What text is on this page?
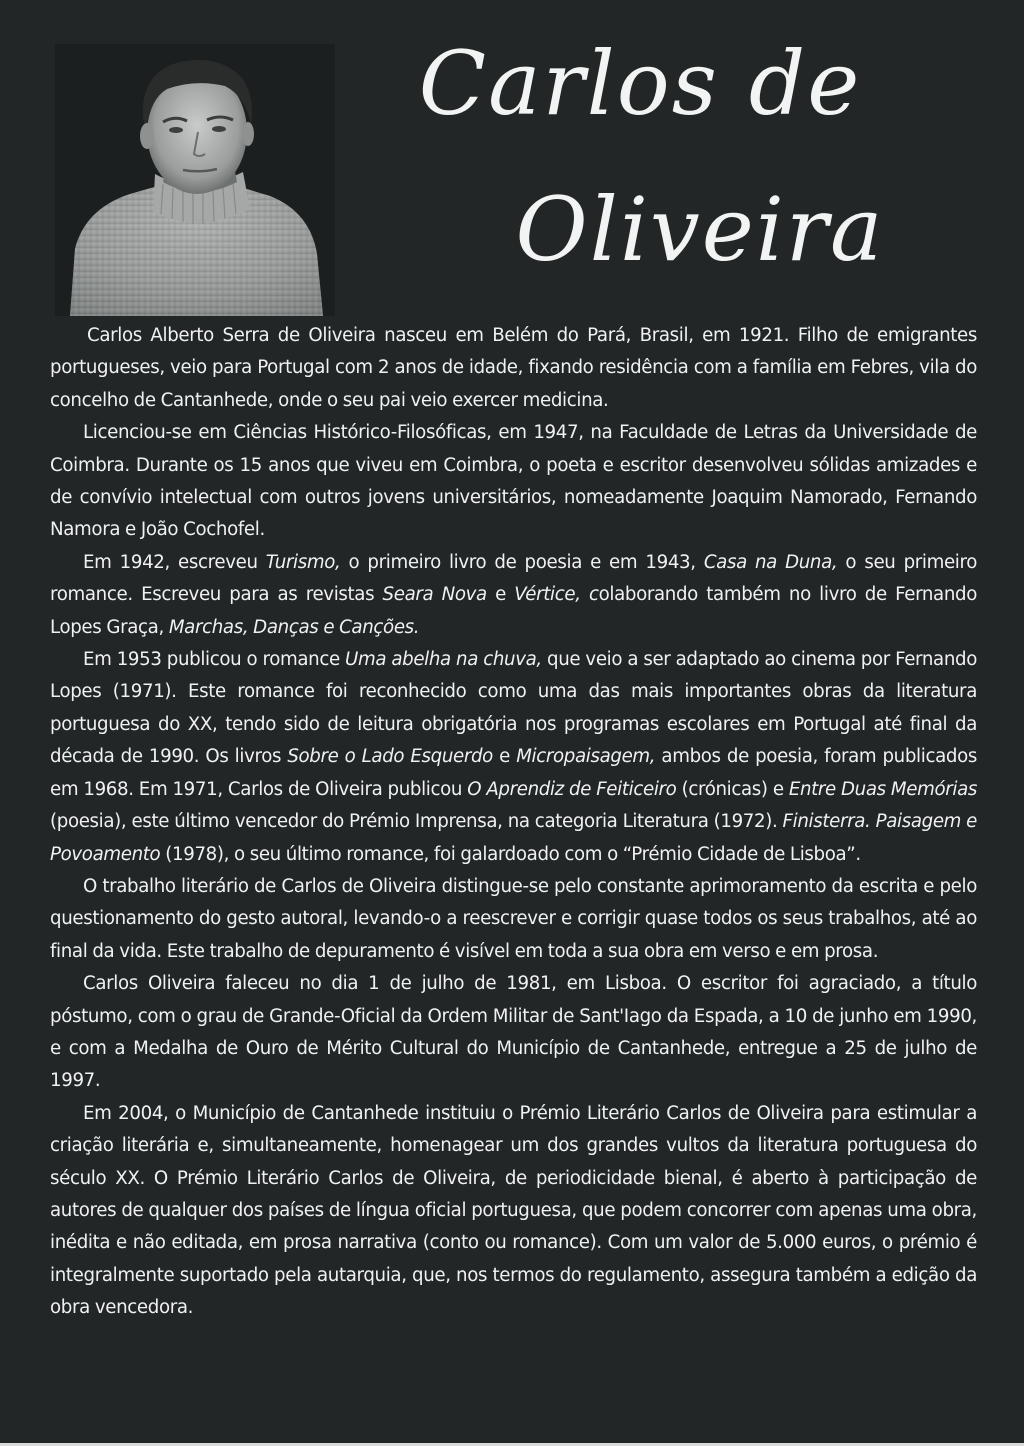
Carlos de
Oliveira

Carlos Alberto Serra de Oliveira nasceu em Belém do Pará, Brasil, em 1921. Filho de emigrantes portugueses, veio para Portugal com 2 anos de idade, fixando residência com a família em Febres, vila do concelho de Cantanhede, onde o seu pai veio exercer medicina.

Licenciou-se em Ciências Histórico-Filosóficas, em 1947, na Faculdade de Letras da Universidade de Coimbra. Durante os 15 anos que viveu em Coimbra, o poeta e escritor desenvolveu sólidas amizades e de convívio intelectual com outros jovens universitários, nomeadamente Joaquim Namorado, Fernando Namora e João Cochofel.

Em 1942, escreveu Turismo, o primeiro livro de poesia e em 1943, Casa na Duna, o seu primeiro romance. Escreveu para as revistas Seara Nova e Vértice, colaborando também no livro de Fernando Lopes Graça, Marchas, Danças e Canções.

Em 1953 publicou o romance Uma abelha na chuva, que veio a ser adaptado ao cinema por Fernando Lopes (1971). Este romance foi reconhecido como uma das mais importantes obras da literatura portuguesa do XX, tendo sido de leitura obrigatória nos programas escolares em Portugal até final da década de 1990. Os livros Sobre o Lado Esquerdo e Micropaisagem, ambos de poesia, foram publicados em 1968. Em 1971, Carlos de Oliveira publicou O Aprendiz de Feiticeiro (crónicas) e Entre Duas Memórias (poesia), este último vencedor do Prémio Imprensa, na categoria Literatura (1972). Finisterra. Paisagem e Povoamento (1978), o seu último romance, foi galardoado com o “Prémio Cidade de Lisboa”.

O trabalho literário de Carlos de Oliveira distingue-se pelo constante aprimoramento da escrita e pelo questionamento do gesto autoral, levando-o a reescrever e corrigir quase todos os seus trabalhos, até ao final da vida. Este trabalho de depuramento é visível em toda a sua obra em verso e em prosa.

Carlos Oliveira faleceu no dia 1 de julho de 1981, em Lisboa. O escritor foi agraciado, a título póstumo, com o grau de Grande-Oficial da Ordem Militar de Sant'Iago da Espada, a 10 de junho em 1990, e com a Medalha de Ouro de Mérito Cultural do Município de Cantanhede, entregue a 25 de julho de 1997.

Em 2004, o Município de Cantanhede instituiu o Prémio Literário Carlos de Oliveira para estimular a criação literária e, simultaneamente, homenagear um dos grandes vultos da literatura portuguesa do século XX. O Prémio Literário Carlos de Oliveira, de periodicidade bienal, é aberto à participação de autores de qualquer dos países de língua oficial portuguesa, que podem concorrer com apenas uma obra, inédita e não editada, em prosa narrativa (conto ou romance). Com um valor de 5.000 euros, o prémio é integralmente suportado pela autarquia, que, nos termos do regulamento, assegura também a edição da obra vencedora.
